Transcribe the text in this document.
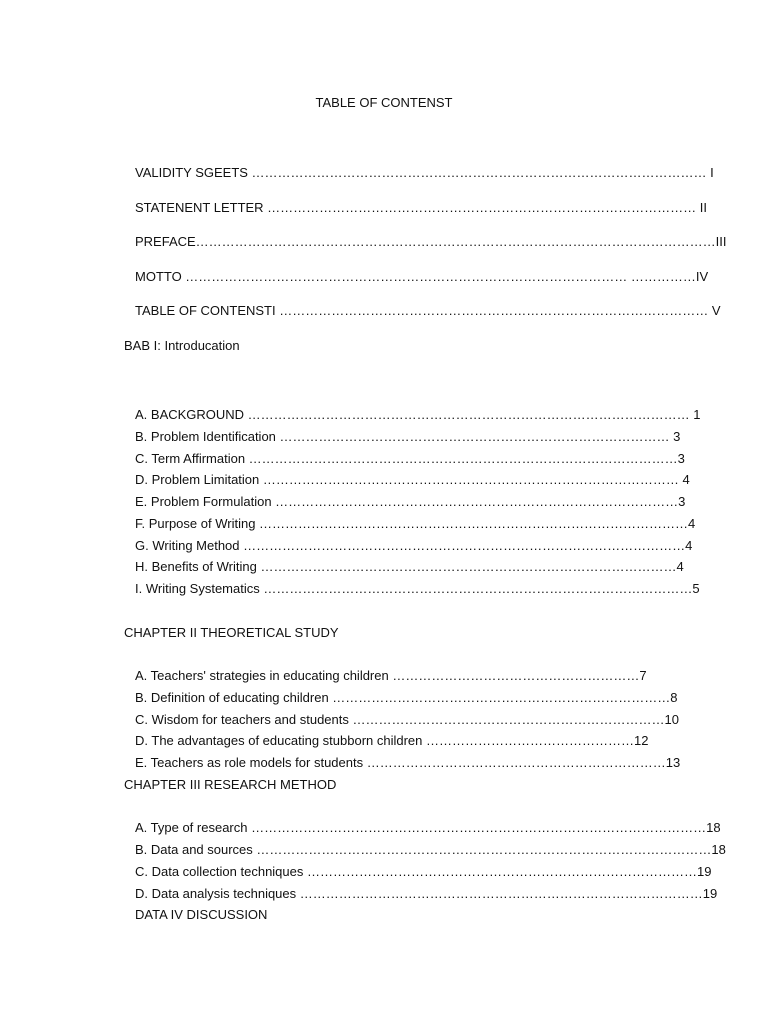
TABLE OF CONTENST
VALIDITY SGEETS …………………………………………………………………………………………… I
STATENENT LETTER ……………………………………………………………………………………… II
PREFACE…………………………………………………………………………………………………………III
MOTTO ………………………………………………………………………………………… ……………IV
TABLE OF CONTENSTI ……………………………………………………………………………………… V
BAB I: Introducation
A. BACKGROUND ………………………………………………………………………………………… 1
B. Problem Identification ……………………………………………………………………………… 3
C. Term Affirmation ………………………………………………………………………………………3
D. Problem Limitation …………………………………………………………………………………… 4
E. Problem Formulation …………………………………………………………………………………3
F. Purpose of Writing ………………………………………………………………………………………4
G. Writing Method …………………………………………………………………………………………4
H. Benefits of Writing ……………………………………………………………………………………4
I. Writing Systematics ………………………………………………………………………………………5
CHAPTER II THEORETICAL STUDY
A. Teachers' strategies in educating children …………………………………………………7
B. Definition of educating children ……………………………………………………………………8
C. Wisdom for teachers and students ………………………………………………………………10
D. The advantages of educating stubborn children …………………………………………12
E. Teachers as role models for students ……………………………………………………………13
CHAPTER III RESEARCH METHOD
A. Type of research ……………………………………………………………………………………………18
B. Data and sources ……………………………………………………………………………………………18
C. Data collection techniques ………………………………………………………………………………19
D. Data analysis techniques …………………………………………………………………………………19
DATA IV DISCUSSION
